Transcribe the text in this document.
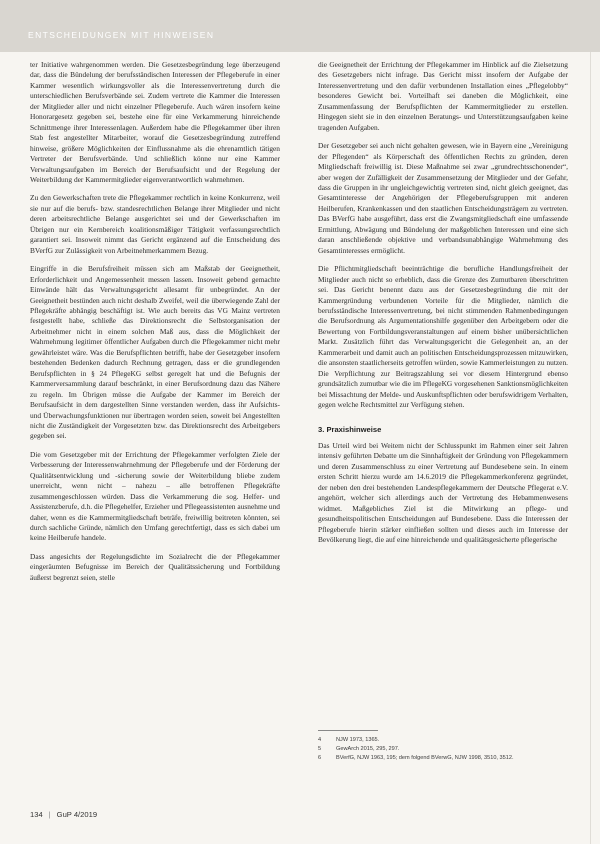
ENTSCHEIDUNGEN MIT HINWEISEN

ter Initiative wahrgenommen werden. Die Gesetzesbegründung lege überzeugend dar, dass die Bündelung der berufsständischen Interessen der Pflegeberufe in einer Kammer wesentlich wirkungsvoller als die Interessenvertretung durch die unterschiedlichen Berufsverbände sei. Zudem vertrete die Kammer die Interessen der Mitglieder aller und nicht einzelner Pflegeberufe. Auch wären insofern keine Honorargesetz gegeben sei, bestehe eine für eine Verkammerung hinreichende Schnittmenge ihrer Interessenlagen. Außerdem habe die Pflegekammer über ihren Stab fest angestellter Mitarbeiter, worauf die Gesetzesbegründung zutreffend hinweise, größere Möglichkeiten der Einflussnahme als die ehrenamtlich tätigen Vertreter der Berufsverbände. Und schließlich könne nur eine Kammer Verwaltungsaufgaben im Bereich der Berufsaufsicht und der Regelung der Weiterbildung der Kammermitglieder eigenverantwortlich wahrnehmen.

Zu den Gewerkschaften trete die Pflegekammer rechtlich in keine Konkurrenz, weil sie nur auf die berufs- bzw. standesrechtlichen Belange ihrer Mitglieder und nicht deren arbeitsrechtliche Belange ausgerichtet sei und der Gewerkschaften im Übrigen nur ein Kernbereich koalitionsmäßiger Tätigkeit verfassungsrechtlich garantiert sei. Insoweit nimmt das Gericht ergänzend auf die Entscheidung des BVerfG zur Zulässigkeit von Arbeitnehmerkammern Bezug.

Eingriffe in die Berufsfreiheit müssen sich am Maßstab der Geeignetheit, Erforderlichkeit und Angemessenheit messen lassen. Insoweit gebend gemachte Einwände hält das Verwaltungsgericht allesamt für unbegründet. An der Geeignetheit bestünden auch nicht deshalb Zweifel, weil die überwiegende Zahl der Pflegekräfte abhängig beschäftigt ist. Wie auch bereits das VG Mainz vertreten festgestellt habe, schließe das Direktionsrecht die Selbstorganisation der Arbeitnehmer nicht in einem solchen Maß aus, dass die Möglichkeit der Wahrnehmung legitimer öffentlicher Aufgaben durch die Pflegekammer nicht mehr gewährleistet wäre. Was die Berufspflichten betrifft, habe der Gesetzgeber insofern bestehenden Bedenken dadurch Rechnung getragen, dass er die grundlegenden Berufspflichten in § 24 PflegeKG selbst geregelt hat und die Befugnis der Kammerversammlung darauf beschränkt, in einer Berufsordnung dazu das Nähere zu regeln. Im Übrigen müsse die Aufgabe der Kammer im Bereich der Berufsaufsicht in dem dargestellten Sinne verstanden werden, dass ihr Aufsichts- und Überwachungsfunktionen nur übertragen worden seien, soweit bei Angestellten nicht die Zuständigkeit der Vorgesetzten bzw. das Direktionsrecht des Arbeitgebers gegeben sei.

Die vom Gesetzgeber mit der Errichtung der Pflegekammer verfolgten Ziele der Verbesserung der Interessenwahrnehmung der Pflegeberufe und der Förderung der Qualitätsentwicklung und -sicherung sowie der Weiterbildung bliebe zudem unerreicht, wenn nicht – nahezu – alle betroffenen Pflegekräfte zusammengeschlossen würden. Dass die Verkammerung die sog. Helfer- und Assistenzberufe, d.h. die Pflegehelfer, Erzieher und Pflegeassistenten ausnehme und daher, wenn es die Kammermitgliedschaft beträfe, freiwillig beitreten könnten, sei durch sachliche Gründe, nämlich den Umfang gerechtfertigt, dass es sich dabei um keine Heilberufe handele.

Dass angesichts der Regelungsdichte im Sozialrecht die der Pflegekammer eingeräumten Befugnisse im Bereich der Qualitätssicherung und Fortbildung äußerst begrenzt seien, stelle

die Geeignetheit der Errichtung der Pflegekammer im Hinblick auf die Zielsetzung des Gesetzgebers nicht infrage. Das Gericht misst insofern der Aufgabe der Interessenvertretung und den dafür verbundenen Installation eines „Pflegelobby“ besonderes Gewicht bei. Vorteilhaft sei daneben die Möglichkeit, eine Zusammenfassung der Berufspflichten der Kammermitglieder zu erstellen. Hingegen sieht sie in den einzelnen Beratungs- und Unterstützungsaufgaben keine tragenden Aufgaben.

Der Gesetzgeber sei auch nicht gehalten gewesen, wie in Bayern eine „Vereinigung der Pflegenden“ als Körperschaft des öffentlichen Rechts zu gründen, deren Mitgliedschaft freiwillig ist. Diese Maßnahme sei zwar „grundrechtsschonender“, aber wegen der Zufälligkeit der Zusammensetzung der Mitglieder und der Gefahr, dass die Gruppen in ihr ungleichgewichtig vertreten sind, nicht gleich geeignet, das Gesamtinteresse der Angehörigen der Pflegeberufsgruppen mit anderen Heilberufen, Krankenkassen und den staatlichen Entscheidungsträgern zu vertreten. Das BVerfG habe ausgeführt, dass erst die Zwangsmitgliedschaft eine umfassende Ermittlung, Abwägung und Bündelung der maßgeblichen Interessen und eine sich daran anschließende objektive und verbandsunabhängige Wahrnehmung des Gesamtinteresses ermöglicht.

Die Pflichtmitgliedschaft beeinträchtige die berufliche Handlungsfreiheit der Mitglieder auch nicht so erheblich, dass die Grenze des Zumutbaren überschritten sei. Das Gericht benennt dazu aus der Gesetzesbegründung die mit der Kammergründung verbundenen Vorteile für die Mitglieder, nämlich die berufsständische Interessenvertretung, bei nicht stimmenden Rahmenbedingungen die Berufsordnung als Argumentationshilfe gegenüber den Arbeitgebern oder die Bewertung von Fortbildungsveranstaltungen auf einem bisher unübersichtlichen Markt. Zusätzlich führt das Verwaltungsgericht die Gelegenheit an, an der Kammerarbeit und damit auch an politischen Entscheidungsprozessen mitzuwirken, die ansonsten staatlicherseits getroffen würden, sowie Kammerleistungen zu nutzen. Die Verpflichtung zur Beitragszahlung sei vor diesem Hintergrund ebenso grundsätzlich zumutbar wie die im PflegeKG vorgesehenen Sanktionsmöglichkeiten bei Missachtung der Melde- und Auskunftspflichten oder berufswidrigem Verhalten, gegen welche Rechtsmittel zur Verfügung stehen.

3. Praxishinweise

Das Urteil wird bei Weitem nicht der Schlusspunkt im Rahmen einer seit Jahren intensiv geführten Debatte um die Sinnhaftigkeit der Gründung von Pflegekammern und deren Zusammenschluss zu einer Vertretung auf Bundesebene sein. In einem ersten Schritt hierzu wurde am 14.6.2019 die Pflegekammerkonferenz gegründet, der neben den drei bestehenden Landespflegekammern der Deutsche Pflegerat e.V. angehört, welcher sich allerdings auch der Vertretung des Hebammenwesens widmet. Maßgebliches Ziel ist die Mitwirkung an pflege- und gesundheitspolitischen Entscheidungen auf Bundesebene. Dass die Interessen der Pflegeberufe hierin stärker einfließen sollten und dieses auch im Interesse der Bevölkerung liegt, die auf eine hinreichende und qualitätsgesicherte pflegerische

4	NJW 1973, 1365.
5	GewArch 2015, 295, 297.
6	BVerfG, NJW 1963, 195; dem folgend BVerwG, NJW 1998, 3510, 3512.
134 | GuP 4/2019
